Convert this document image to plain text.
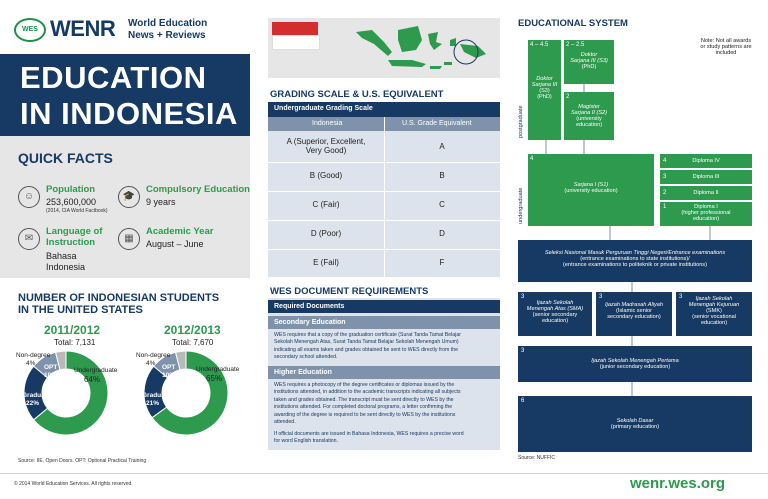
WES WENR World Education
News + Reviews
EDUCATION
IN INDONESIA
QUICK FACTS
☺
Population
253,600,000
(2014, CIA World Factbook)
🎓
Compulsory Education
9 years
✉
Language of
Instruction
Bahasa
Indonesia
▦
Academic Year
August – June
NUMBER OF INDONESIAN STUDENTS
IN THE UNITED STATES
2011/2012
Total: 7,131
2012/2013
Total: 7,670
Non-degree
4%
Undergraduate
64%
OPT
10%
Graduate
22%
Non-degree
4%
Undergraduate
65%
OPT
10%
Graduate
21%
Source: IIE, Open Doors. OPT: Optional Practical Training
GRADING SCALE & U.S. EQUIVALENT
Undergraduate Grading Scale
Indonesia	U.S. Grade Equivalent
A (Superior, Excellent,
Very Good)	A
B (Good)	B
C (Fair)	C
D (Poor)	D
E (Fail)	F
WES DOCUMENT REQUIREMENTS
Required Documents
Secondary Education
WES requires that a copy of the graduation certificate (Surat Tanda Tamat Belajar
Sekolah Menengah Atas, Surat Tanda Tamat Belajar Sekolah Menengah Umum)
indicating all exams taken and grades obtained be sent to WES directly from the
secondary school attended.
Higher Education
WES requires a photocopy of the degree certificates or diplomas issued by the
institutions attended, in addition to the academic transcripts indicating all subjects
taken and grades obtained. The transcript must be sent directly to WES by the
institutions attended. For completed doctoral programs, a letter confirming the
awarding of the degree is required to be sent directly to WES by the institutions
attended.
If official documents are issued in Bahasa Indonesia, WES requires a precise word
for word English translation.
EDUCATIONAL SYSTEM
Note: Not all awards or study patterns are included
postgraduate
undergraduate
4 – 4.5
Doktor
Sarjana III
(S3)
(PhD)
2 – 2.5
Doktor
Sarjana III (S3)
(PhD)
2
Magister
Sarjana II (S2)
(university
education)
4
Sarjana I (S1)
(university education)
4	Diploma IV
3	Diploma III
2	Diploma II
1	Diploma I
(higher professional
education)
Seleksi Nasional Masuk Perguruan Tinggi Negeri/Entrance examinations
(entrance examinations to state institutions)/
(entrance examinations to politeknik or private institutions)
3
Ijazah Sekolah
Menengah Atas (SMA)
(senior secondary
education)
3
Ijazah Madrasah Aliyah
(Islamic senior
secondary education)
3	Ijazah Sekolah
Menengah Kejuruan
(SMK)
(senior vocational
education)
3
Ijazah Sekolah Menengah Pertama
(junior secondary education)
6
Sekolah Dasar
(primary education)
Source: NUFFIC
© 2014 World Education Services. All rights reserved.	wenr.wes.org
